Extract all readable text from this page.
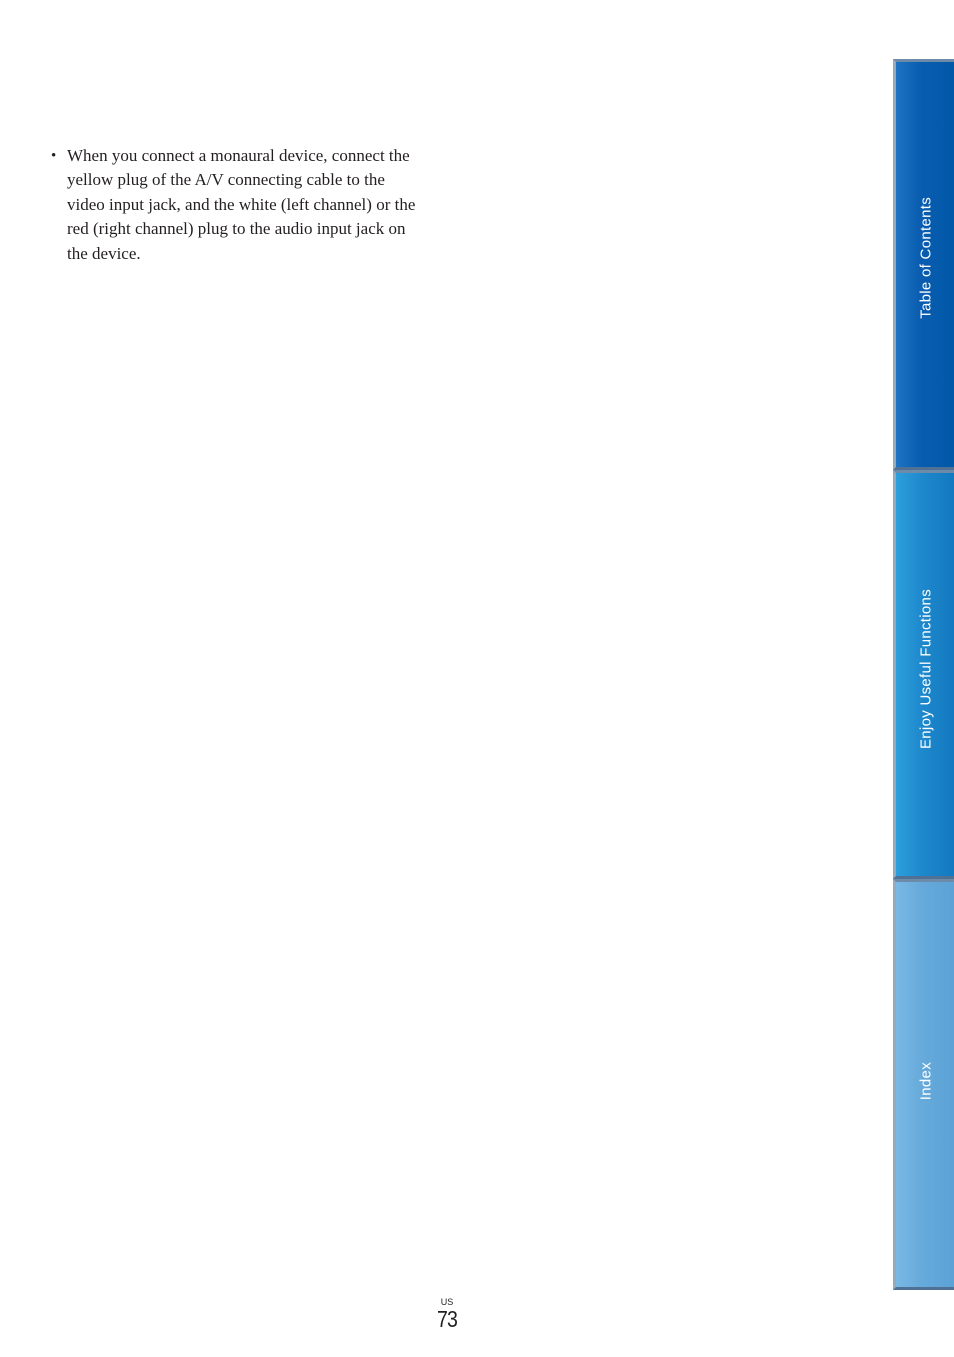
• When you connect a monaural device, connect the yellow plug of the A/V connecting cable to the video input jack, and the white (left channel) or the red (right channel) plug to the audio input jack on the device.	Table of Contents
Enjoy Useful Functions
Index
US
73
